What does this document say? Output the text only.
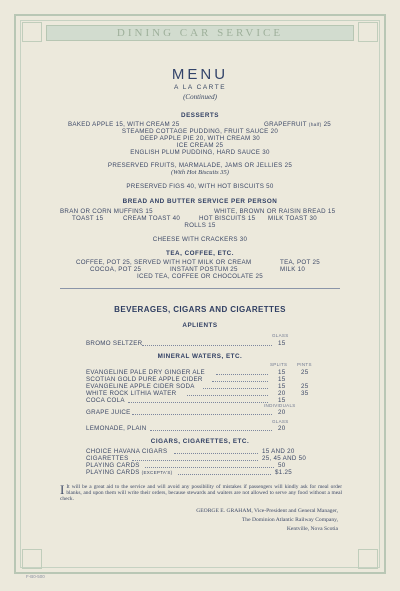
DINING CAR SERVICE
MENU
A LA CARTE
(Continued)
DESSERTS
BAKED APPLE 15, WITH CREAM 25	GRAPEFRUIT (half) 25
STEAMED COTTAGE PUDDING, FRUIT SAUCE 20
DEEP APPLE PIE 20, WITH CREAM 30
ICE CREAM 25
ENGLISH PLUM PUDDING, HARD SAUCE 30
PRESERVED FRUITS, MARMALADE, JAMS OR JELLIES 25
(With Hot Biscuits 35)
PRESERVED FIGS 40, WITH HOT BISCUITS 50
BREAD AND BUTTER SERVICE PER PERSON
BRAN OR CORN MUFFINS 15	WHITE, BROWN OR RAISIN BREAD 15
TOAST 15	CREAM TOAST 40	HOT BISCUITS 15 MILK TOAST 30
ROLLS 15
CHEESE WITH CRACKERS 30
TEA, COFFEE, ETC.
COFFEE, POT 25, SERVED WITH HOT MILK OR CREAM	TEA, POT 25
COCOA, POT 25	INSTANT POSTUM 25	MILK 10
ICED TEA, COFFEE OR CHOCOLATE 25
BEVERAGES, CIGARS AND CIGARETTES
APLIENTS
GLASS
BROMO SELTZER	15
MINERAL WATERS, ETC.
SPLITS PINTS
EVANGELINE PALE DRY GINGER ALE	15	25
SCOTIAN GOLD PURE APPLE CIDER	15
EVANGELINE APPLE CIDER SODA	15	25
WHITE ROCK LITHIA WATER	20	35
COCA COLA	15
INDIVIDUALS
GRAPE JUICE	20
GLASS
LEMONADE, PLAIN	20
CIGARS, CIGARETTES, ETC.
CHOICE HAVANA CIGARS	15 AND 20
CIGARETTES	25, 45 AND 50
PLAYING CARDS	50
PLAYING CARDS (EXCEPTA'S)	$1.25
I It will be a great aid to the service and will avoid any possibility of mistakes if passengers will kindly ask for meal order blanks, and upon them will write their orders, because stewards and waiters are not allowed to serve any food without a meal check.
GEORGE E. GRAHAM, Vice-President and General Manager,
The Dominion Atlantic Railway Company,
Kentville, Nova Scotia
F-B0-500
